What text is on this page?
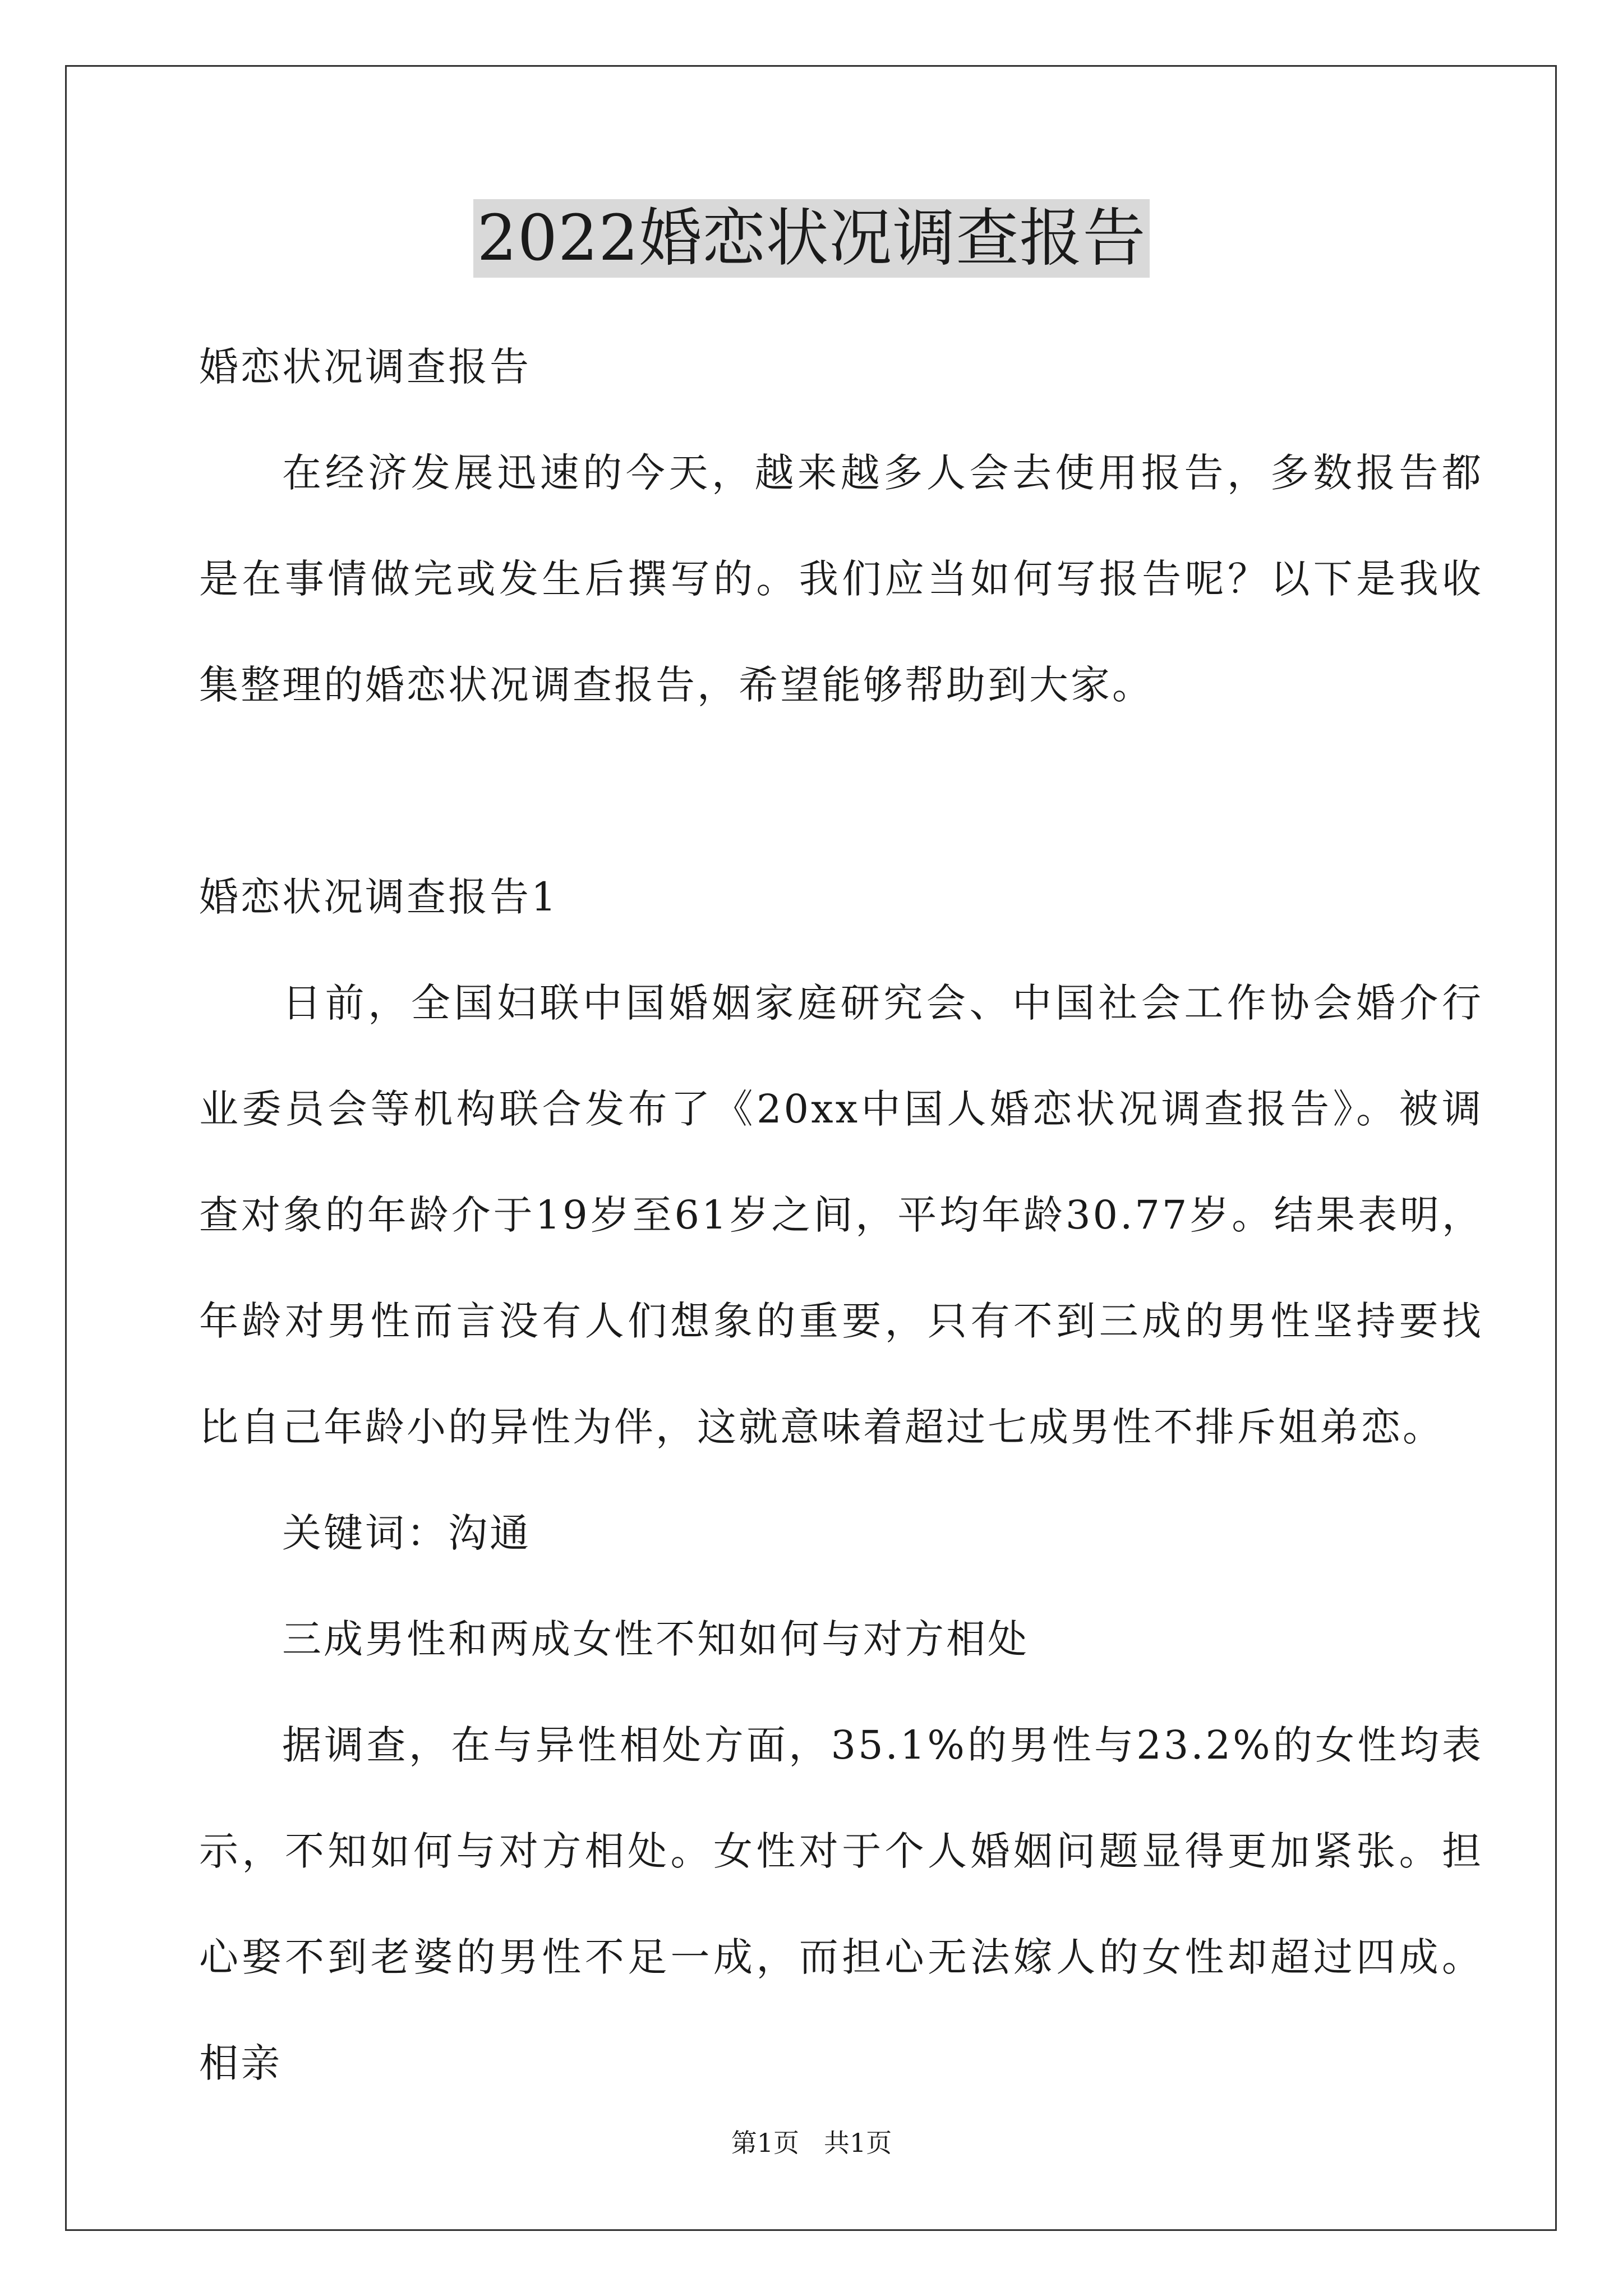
2022婚恋状况调查报告

婚恋状况调查报告

在经济发展迅速的今天，越来越多人会去使用报告，多数报告都是在事情做完或发生后撰写的。我们应当如何写报告呢？以下是我收集整理的婚恋状况调查报告，希望能够帮助到大家。

婚恋状况调查报告1

日前，全国妇联中国婚姻家庭研究会、中国社会工作协会婚介行业委员会等机构联合发布了《20xx中国人婚恋状况调查报告》。被调查对象的年龄介于19岁至61岁之间，平均年龄30.77岁。结果表明，年龄对男性而言没有人们想象的重要，只有不到三成的男性坚持要找比自己年龄小的异性为伴，这就意味着超过七成男性不排斥姐弟恋。

关键词：沟通

三成男性和两成女性不知如何与对方相处

据调查，在与异性相处方面，35.1%的男性与23.2%的女性均表示，不知如何与对方相处。女性对于个人婚姻问题显得更加紧张。担心娶不到老婆的男性不足一成，而担心无法嫁人的女性却超过四成。相亲

第1页 共1页
